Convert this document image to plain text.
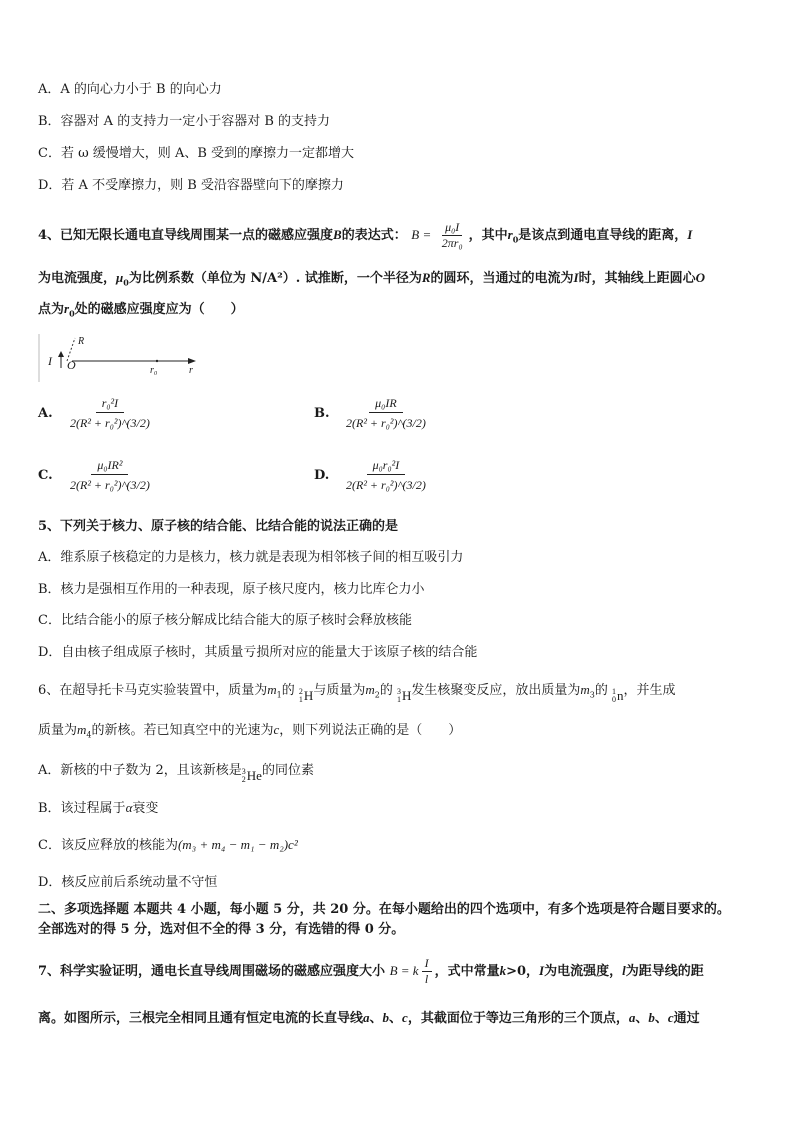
A．A 的向心力小于 B 的向心力
B．容器对 A 的支持力一定小于容器对 B 的支持力
C．若 ω 缓慢增大，则 A、B 受到的摩擦力一定都增大
D．若 A 不受摩擦力，则 B 受沿容器壁向下的摩擦力
4、已知无限长通电直导线周围某一点的磁感应强度B的表达式： $B = \frac{\text{μ₀I}}{\text{2πr₀}}$ ，其中$r_0$是该点到通电直导线的距离，I
为电流强度，$\mu_0$为比例系数（单位为 N/A²）. 试推断，一个半径为R的圆环，当通过的电流为I时，其轴线上距圆心O
点为$r_0$处的磁感应强度应为（　　）
I O
R
r₀	r
A.	$\frac{\text{r₀²I}}{\text{2(R² + r₀²)\textasciicircum{}(3/2)}}$	B.	$\frac{\text{μ₀IR}}{\text{2(R² + r₀²)\textasciicircum{}(3/2)}}$
C.	$\frac{\text{μ₀IR²}}{\text{2(R² + r₀²)\textasciicircum{}(3/2)}}$	D.	$\frac{\text{μ₀r₀²I}}{\text{2(R² + r₀²)\textasciicircum{}(3/2)}}$
5、下列关于核力、原子核的结合能、比结合能的说法正确的是
A．维系原子核稳定的力是核力，核力就是表现为相邻核子间的相互吸引力
B．核力是强相互作用的一种表现，原子核尺度内，核力比库仑力小
C．比结合能小的原子核分解成比结合能大的原子核时会释放核能
D．自由核子组成原子核时，其质量亏损所对应的能量大于该原子核的结合能
6、在超导托卡马克实验装置中，质量为$m_1$的 2
1 H 与质量为$m_2$的 3
1 H 发生核聚变反应，放出质量为$m_3$的 1
0 n ，并生成
质量为$m_4$的新核。若已知真空中的光速为c，则下列说法正确的是（　　）
A．新核的中子数为 2，且该新核是 3
2 He 的同位素
B．该过程属于α衰变
C．该反应释放的核能为(m₃ + m₄ − m₁ − m₂)c²
D．核反应前后系统动量不守恒
二、多项选择题 本题共 4 小题，每小题 5 分，共 20 分。在每小题给出的四个选项中，有多个选项是符合题目要求的。
全部选对的得 5 分，选对但不全的得 3 分，有选错的得 0 分。
7、科学实验证明，通电长直导线周围磁场的磁感应强度大小 B = k $\frac{I}{l}$ ，式中常量k>0，I为电流强度，l为距导线的距
离。如图所示，三根完全相同且通有恒定电流的长直导线a、b、c，其截面位于等边三角形的三个顶点，a、b、c通过
